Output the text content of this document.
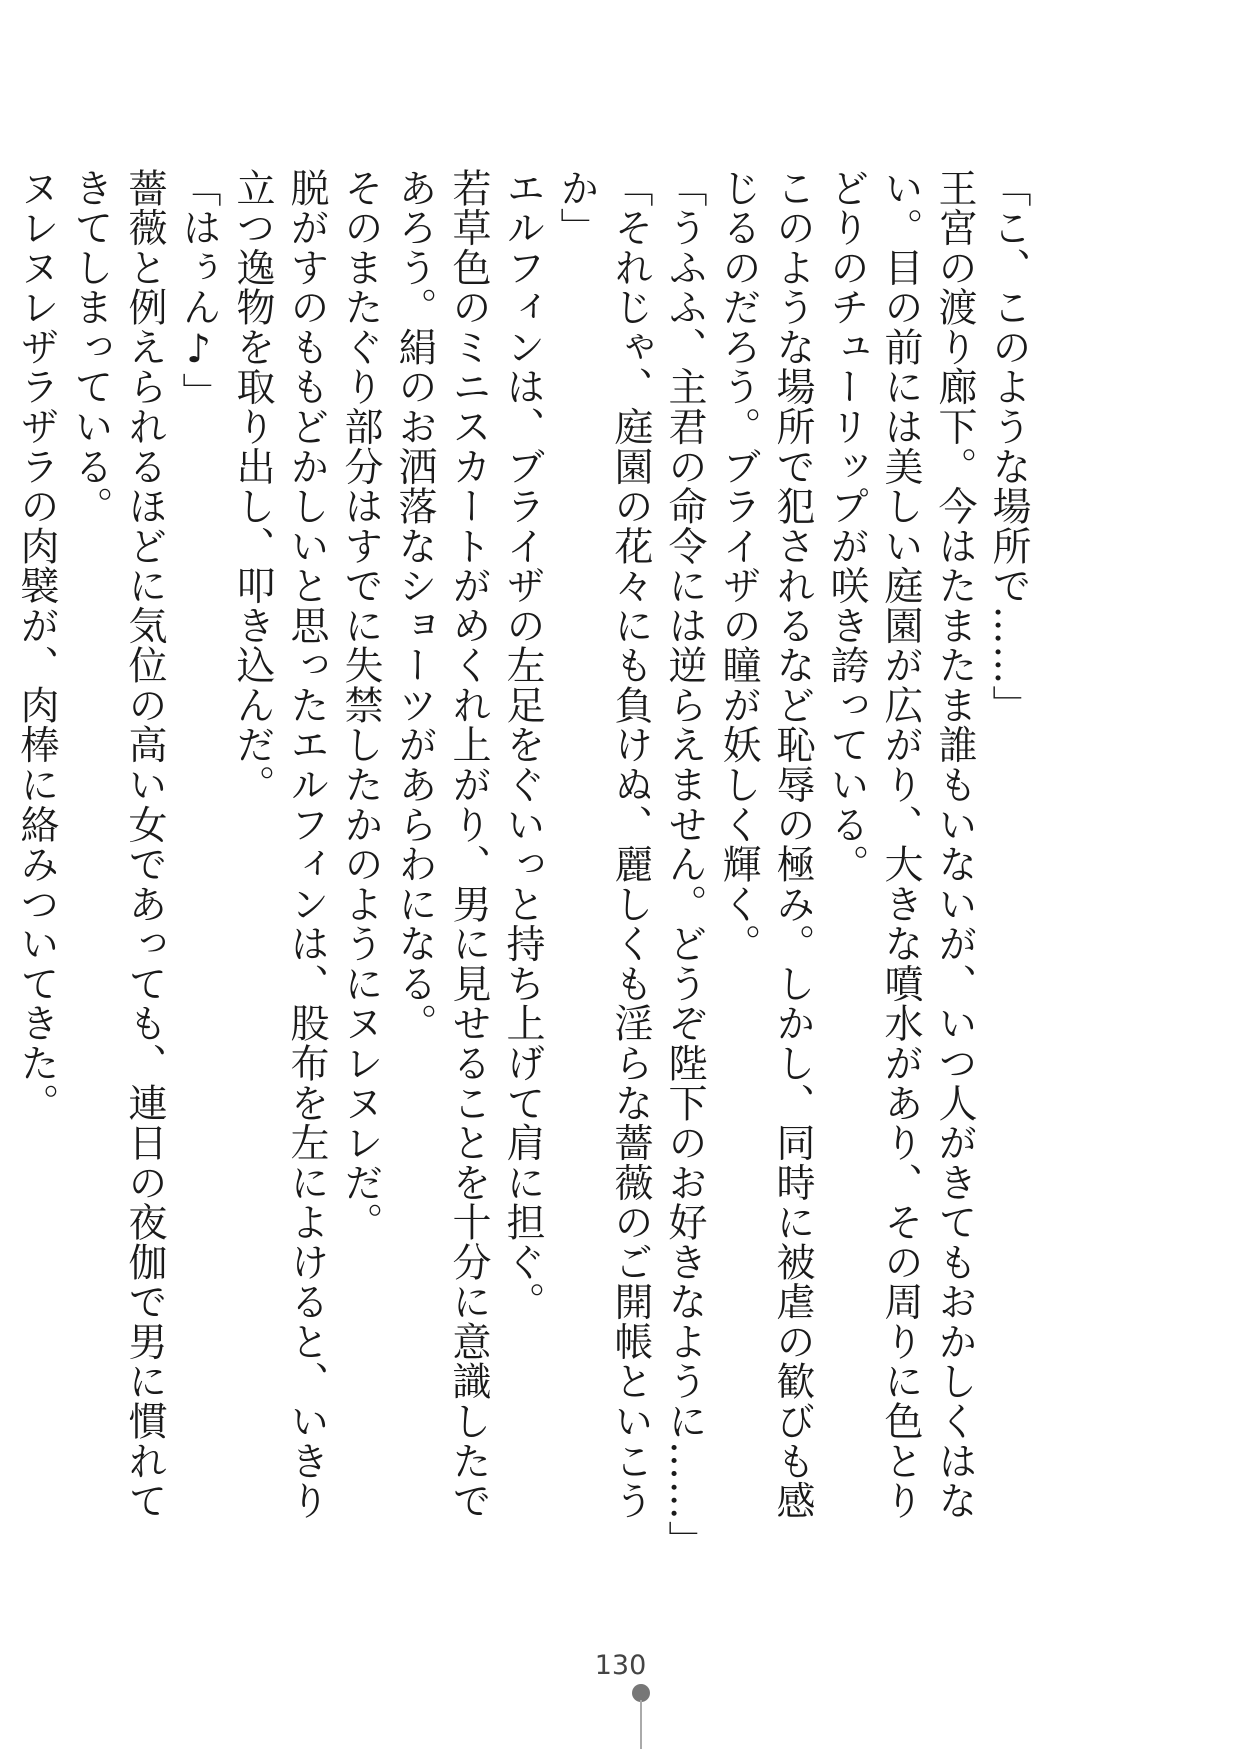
「こ、このような場所で……」

王宮の渡り廊下。今はたまたま誰もいないが、いつ人がきてもおかしくはない。目の前には美しい庭園が広がり、大きな噴水があり、その周りに色とりどりのチューリップが咲き誇っている。

このような場所で犯されるなど恥辱の極み。しかし、同時に被虐の歓びも感じるのだろう。ブライザの瞳が妖しく輝く。

「うふふ、主君の命令には逆らえません。どうぞ陛下のお好きなように……」

「それじゃ、庭園の花々にも負けぬ、麗しくも淫らな薔薇のご開帳といこうか」

エルフィンは、ブライザの左足をぐいっと持ち上げて肩に担ぐ。

若草色のミニスカートがめくれ上がり、男に見せることを十分に意識したであろう。絹のお洒落なショーツがあらわになる。

そのまたぐり部分はすでに失禁したかのようにヌレヌレだ。

脱がすのももどかしいと思ったエルフィンは、股布を左によけると、いきり立つ逸物を取り出し、叩き込んだ。

「はぅん♪」

薔薇と例えられるほどに気位の高い女であっても、連日の夜伽で男に慣れてきてしまっている。

ヌレヌレザラザラの肉襞が、肉棒に絡みついてきた。

130
